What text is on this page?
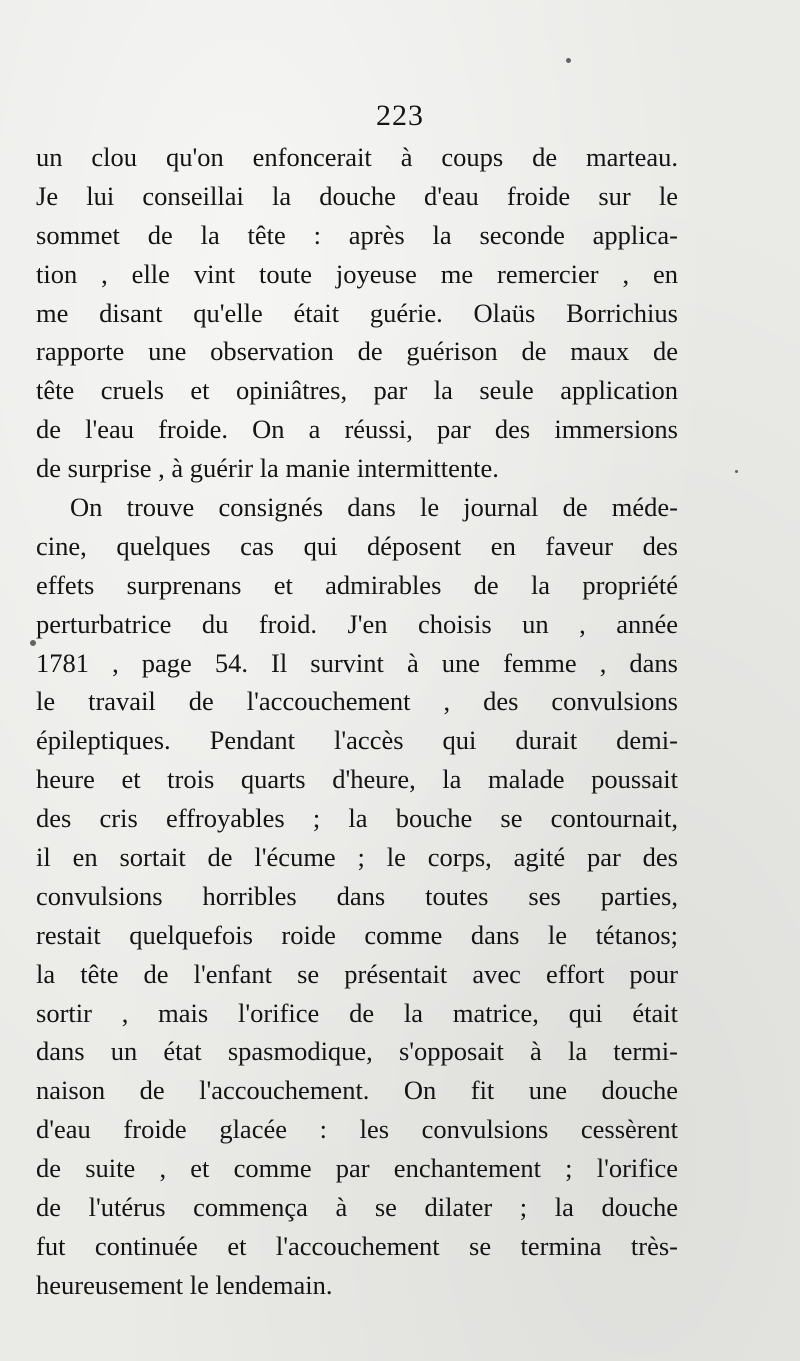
223
un clou qu'on enfoncerait à coups de marteau.
Je lui conseillai la douche d'eau froide sur le
sommet de la tête : après la seconde applica-
tion , elle vint toute joyeuse me remercier , en
me disant qu'elle était guérie. Olaüs Borrichius
rapporte une observation de guérison de maux de
tête cruels et opiniâtres, par la seule application
de l'eau froide. On a réussi, par des immersions
de surprise , à guérir la manie intermittente.
On trouve consignés dans le journal de méde-
cine, quelques cas qui déposent en faveur des
effets surprenans et admirables de la propriété
perturbatrice du froid. J'en choisis un , année
1781 , page 54. Il survint à une femme , dans
le travail de l'accouchement , des convulsions
épileptiques. Pendant l'accès qui durait demi-
heure et trois quarts d'heure, la malade poussait
des cris effroyables ; la bouche se contournait,
il en sortait de l'écume ; le corps, agité par des
convulsions horribles dans toutes ses parties,
restait quelquefois roide comme dans le tétanos;
la tête de l'enfant se présentait avec effort pour
sortir , mais l'orifice de la matrice, qui était
dans un état spasmodique, s'opposait à la termi-
naison de l'accouchement. On fit une douche
d'eau froide glacée : les convulsions cessèrent
de suite , et comme par enchantement ; l'orifice
de l'utérus commença à se dilater ; la douche
fut continuée et l'accouchement se termina très-
heureusement le lendemain.
